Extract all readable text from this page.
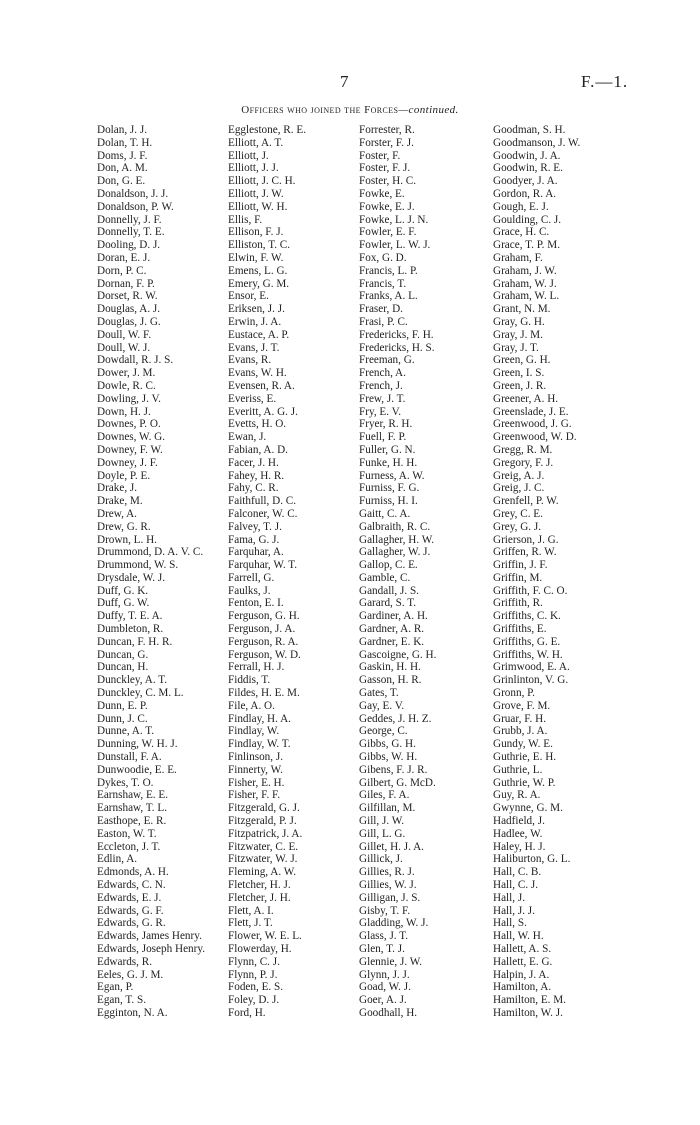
7	F.—1.
Officers who joined the Forces—continued.
Dolan, J. J.
Dolan, T. H.
Doms, J. F.
Don, A. M.
Don, G. E.
Donaldson, J. J.
Donaldson, P. W.
Donnelly, J. F.
Donnelly, T. E.
Dooling, D. J.
Doran, E. J.
Dorn, P. C.
Dornan, F. P.
Dorset, R. W.
Douglas, A. J.
Douglas, J. G.
Doull, W. F.
Doull, W. J.
Dowdall, R. J. S.
Dower, J. M.
Dowle, R. C.
Dowling, J. V.
Down, H. J.
Downes, P. O.
Downes, W. G.
Downey, F. W.
Downey, J. F.
Doyle, P. E.
Drake, J.
Drake, M.
Drew, A.
Drew, G. R.
Drown, L. H.
Drummond, D. A. V. C.
Drummond, W. S.
Drysdale, W. J.
Duff, G. K.
Duff, G. W.
Duffy, T. E. A.
Dumbleton, R.
Duncan, F. H. R.
Duncan, G.
Duncan, H.
Dunckley, A. T.
Dunckley, C. M. L.
Dunn, E. P.
Dunn, J. C.
Dunne, A. T.
Dunning, W. H. J.
Dunstall, F. A.
Dunwoodie, E. E.
Dykes, T. O.
Earnshaw, E. E.
Earnshaw, T. L.
Easthope, E. R.
Easton, W. T.
Eccleton, J. T.
Edlin, A.
Edmonds, A. H.
Edwards, C. N.
Edwards, E. J.
Edwards, G. F.
Edwards, G. R.
Edwards, James Henry.
Edwards, Joseph Henry.
Edwards, R.
Eeles, G. J. M.
Egan, P.
Egan, T. S.
Egginton, N. A.
Egglestone, R. E.
Elliott, A. T.
Elliott, J.
Elliott, J. J.
Elliott, J. C. H.
Elliott, J. W.
Elliott, W. H.
Ellis, F.
Ellison, F. J.
Elliston, T. C.
Elwin, F. W.
Emens, L. G.
Emery, G. M.
Ensor, E.
Eriksen, J. J.
Erwin, J. A.
Eustace, A. P.
Evans, J. T.
Evans, R.
Evans, W. H.
Evensen, R. A.
Everiss, E.
Everitt, A. G. J.
Evetts, H. O.
Ewan, J.
Fabian, A. D.
Facer, J. H.
Fahey, H. R.
Fahy, C. R.
Faithfull, D. C.
Falconer, W. C.
Falvey, T. J.
Fama, G. J.
Farquhar, A.
Farquhar, W. T.
Farrell, G.
Faulks, J.
Fenton, E. I.
Ferguson, G. H.
Ferguson, J. A.
Ferguson, R. A.
Ferguson, W. D.
Ferrall, H. J.
Fiddis, T.
Fildes, H. E. M.
File, A. O.
Findlay, H. A.
Findlay, W.
Findlay, W. T.
Finlinson, J.
Finnerty, W.
Fisher, E. H.
Fisher, F. F.
Fitzgerald, G. J.
Fitzgerald, P. J.
Fitzpatrick, J. A.
Fitzwater, C. E.
Fitzwater, W. J.
Fleming, A. W.
Fletcher, H. J.
Fletcher, J. H.
Flett, A. I.
Flett, J. T.
Flower, W. E. L.
Flowerday, H.
Flynn, C. J.
Flynn, P. J.
Foden, E. S.
Foley, D. J.
Ford, H.
Forrester, R.
Forster, F. J.
Foster, F.
Foster, F. J.
Foster, H. C.
Fowke, E.
Fowke, E. J.
Fowke, L. J. N.
Fowler, E. F.
Fowler, L. W. J.
Fox, G. D.
Francis, L. P.
Francis, T.
Franks, A. L.
Fraser, D.
Frasi, P. C.
Fredericks, F. H.
Fredericks, H. S.
Freeman, G.
French, A.
French, J.
Frew, J. T.
Fry, E. V.
Fryer, R. H.
Fuell, F. P.
Fuller, G. N.
Funke, H. H.
Furness, A. W.
Furniss, F. G.
Furniss, H. I.
Gaitt, C. A.
Galbraith, R. C.
Gallagher, H. W.
Gallagher, W. J.
Gallop, C. E.
Gamble, C.
Gandall, J. S.
Garard, S. T.
Gardiner, A. H.
Gardner, A. R.
Gardner, E. K.
Gascoigne, G. H.
Gaskin, H. H.
Gasson, H. R.
Gates, T.
Gay, E. V.
Geddes, J. H. Z.
George, C.
Gibbs, G. H.
Gibbs, W. H.
Gibens, F. J. R.
Gilbert, G. McD.
Giles, F. A.
Gilfillan, M.
Gill, J. W.
Gill, L. G.
Gillet, H. J. A.
Gillick, J.
Gillies, R. J.
Gillies, W. J.
Gilligan, J. S.
Gisby, T. F.
Gladding, W. J.
Glass, J. T.
Glen, T. J.
Glennie, J. W.
Glynn, J. J.
Goad, W. J.
Goer, A. J.
Goodhall, H.
Goodman, S. H.
Goodmanson, J. W.
Goodwin, J. A.
Goodwin, R. E.
Goodyer, J. A.
Gordon, R. A.
Gough, E. J.
Goulding, C. J.
Grace, H. C.
Grace, T. P. M.
Graham, F.
Graham, J. W.
Graham, W. J.
Graham, W. L.
Grant, N. M.
Gray, G. H.
Gray, J. M.
Gray, J. T.
Green, G. H.
Green, I. S.
Green, J. R.
Greener, A. H.
Greenslade, J. E.
Greenwood, J. G.
Greenwood, W. D.
Gregg, R. M.
Gregory, F. J.
Greig, A. J.
Greig, J. C.
Grenfell, P. W.
Grey, C. E.
Grey, G. J.
Grierson, J. G.
Griffen, R. W.
Griffin, J. F.
Griffin, M.
Griffith, F. C. O.
Griffith, R.
Griffiths, C. K.
Griffiths, E.
Griffiths, G. E.
Griffiths, W. H.
Grimwood, E. A.
Grinlinton, V. G.
Gronn, P.
Grove, F. M.
Gruar, F. H.
Grubb, J. A.
Gundy, W. E.
Guthrie, E. H.
Guthrie, L.
Guthrie, W. P.
Guy, R. A.
Gwynne, G. M.
Hadfield, J.
Hadlee, W.
Haley, H. J.
Haliburton, G. L.
Hall, C. B.
Hall, C. J.
Hall, J.
Hall, J. J.
Hall, S.
Hall, W. H.
Hallett, A. S.
Hallett, E. G.
Halpin, J. A.
Hamilton, A.
Hamilton, E. M.
Hamilton, W. J.
